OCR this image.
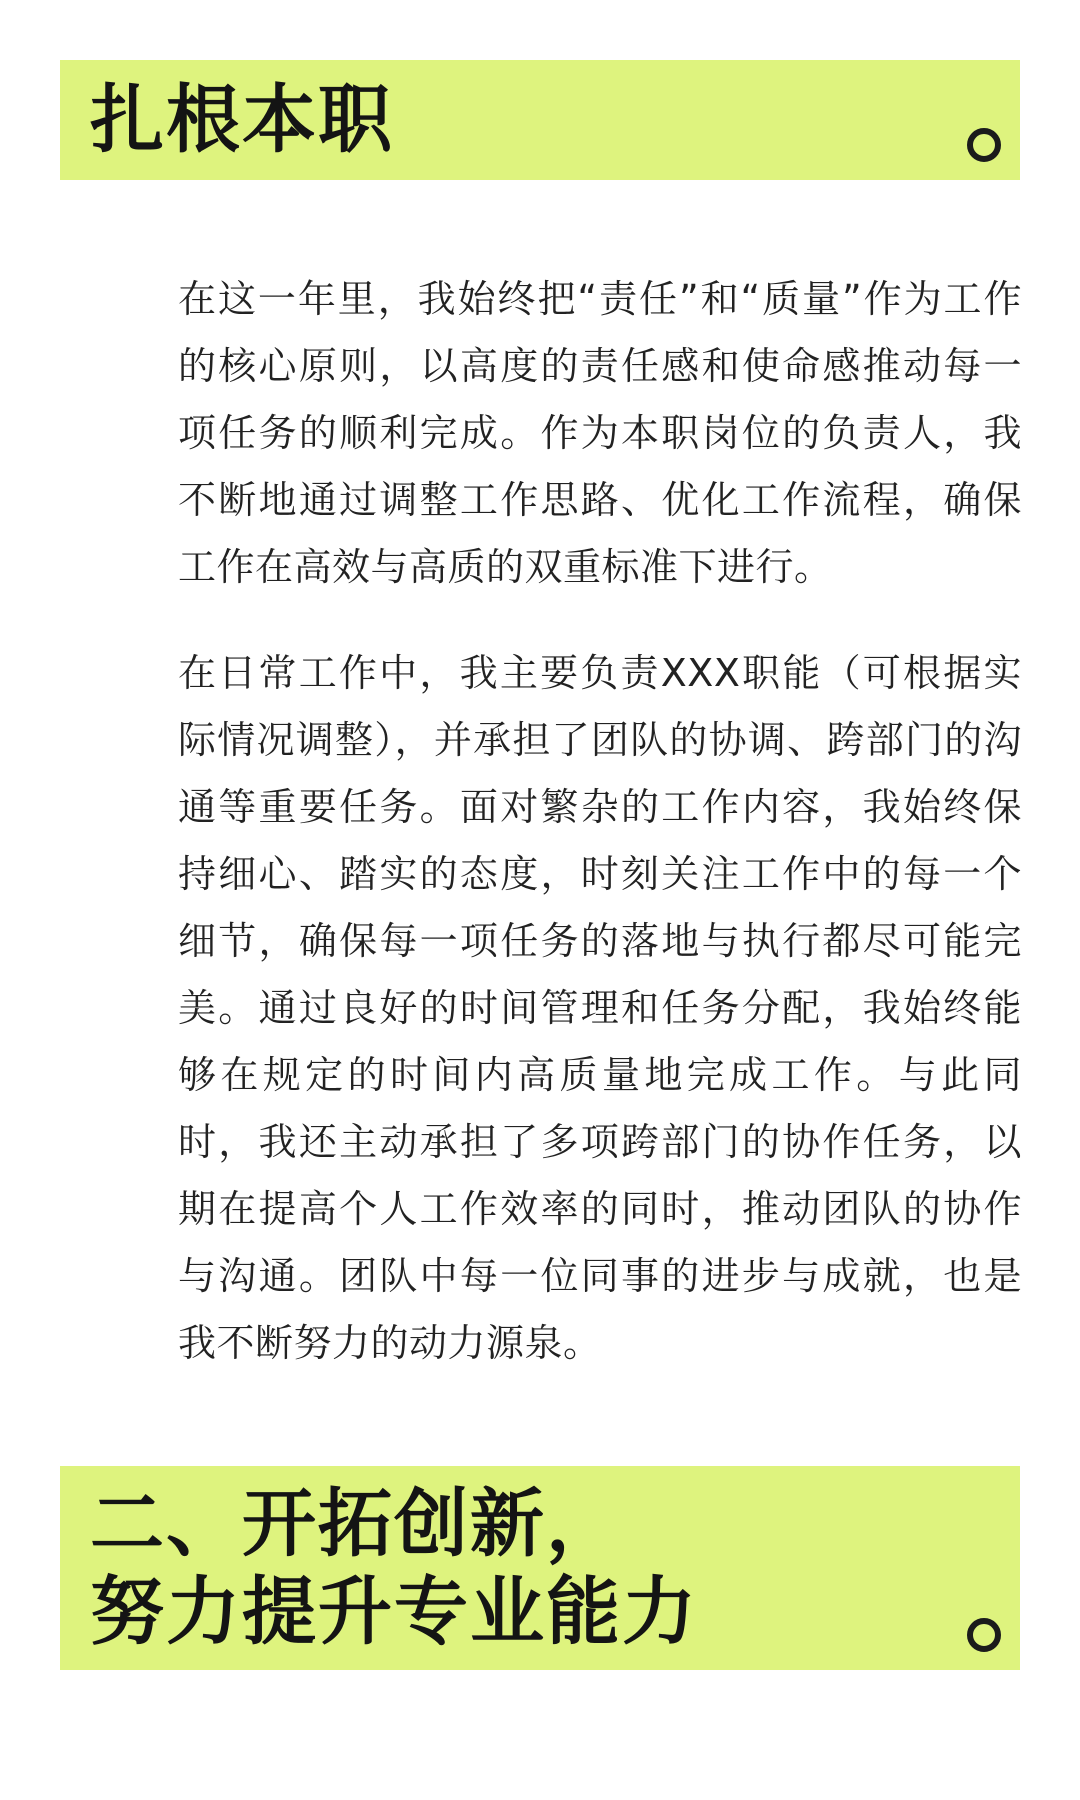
扎根本职

在这一年里，我始终把“责任”和“质量”作为工作的核心原则，以高度的责任感和使命感推动每一项任务的顺利完成。作为本职岗位的负责人，我不断地通过调整工作思路、优化工作流程，确保工作在高效与高质的双重标准下进行。

在日常工作中，我主要负责XXX职能（可根据实际情况调整），并承担了团队的协调、跨部门的沟通等重要任务。面对繁杂的工作内容，我始终保持细心、踏实的态度，时刻关注工作中的每一个细节，确保每一项任务的落地与执行都尽可能完美。通过良好的时间管理和任务分配，我始终能够在规定的时间内高质量地完成工作。与此同时，我还主动承担了多项跨部门的协作任务，以期在提高个人工作效率的同时，推动团队的协作与沟通。团队中每一位同事的进步与成就，也是我不断努力的动力源泉。

二、开拓创新，
努力提升专业能力
